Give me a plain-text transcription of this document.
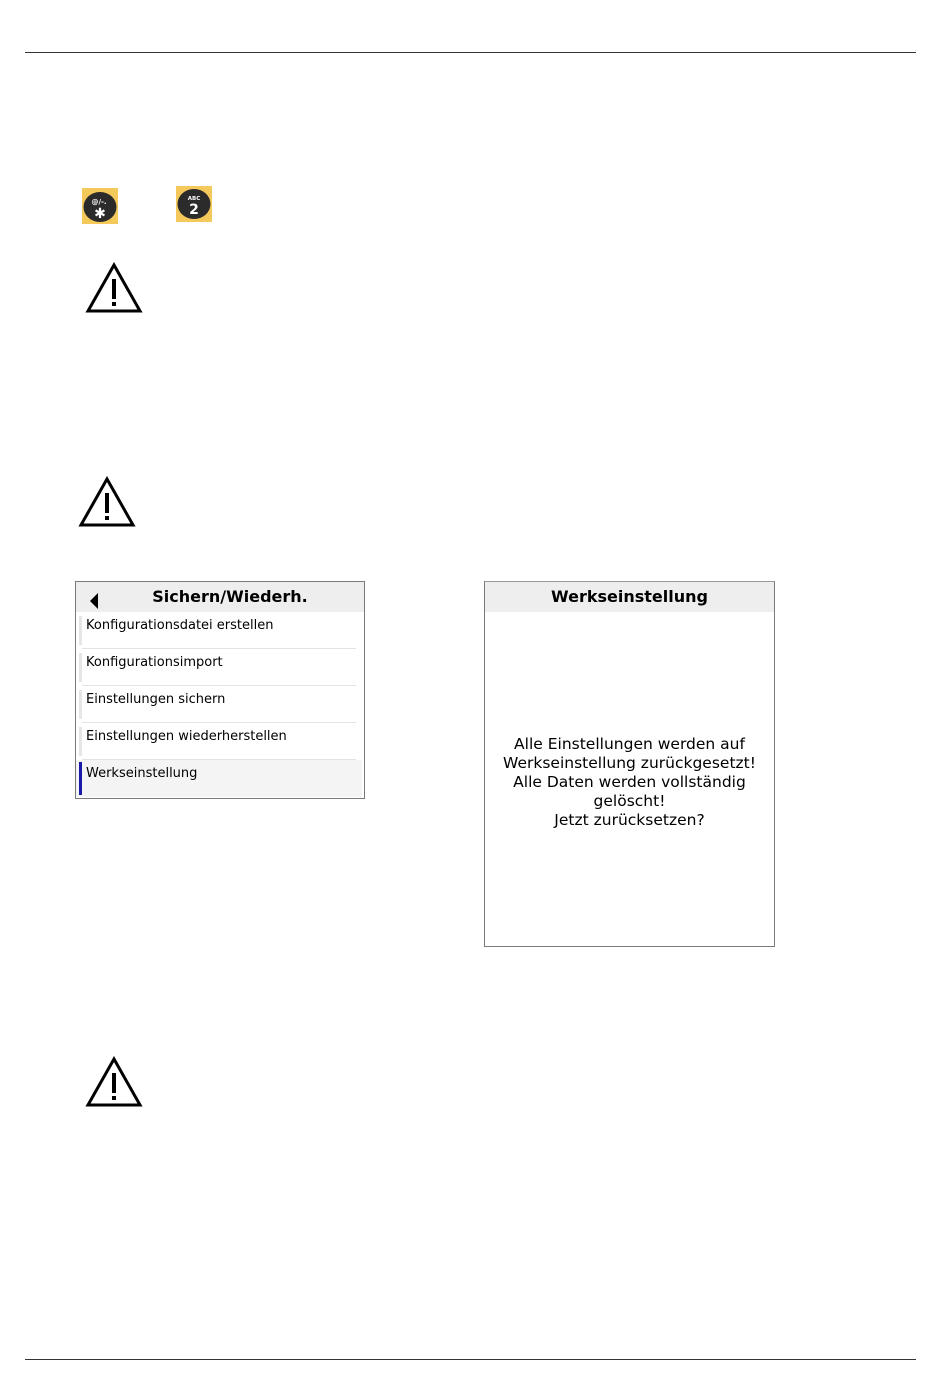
@/-.
✱
ABC
2
Sichern/Wiederh.
Konfigurationsdatei erstellen
Konfigurationsimport
Einstellungen sichern
Einstellungen wiederherstellen
Werkseinstellung
Werkseinstellung
Alle Einstellungen werden auf
Werkseinstellung zurückgesetzt!
Alle Daten werden vollständig
gelöscht!
Jetzt zurücksetzen?
